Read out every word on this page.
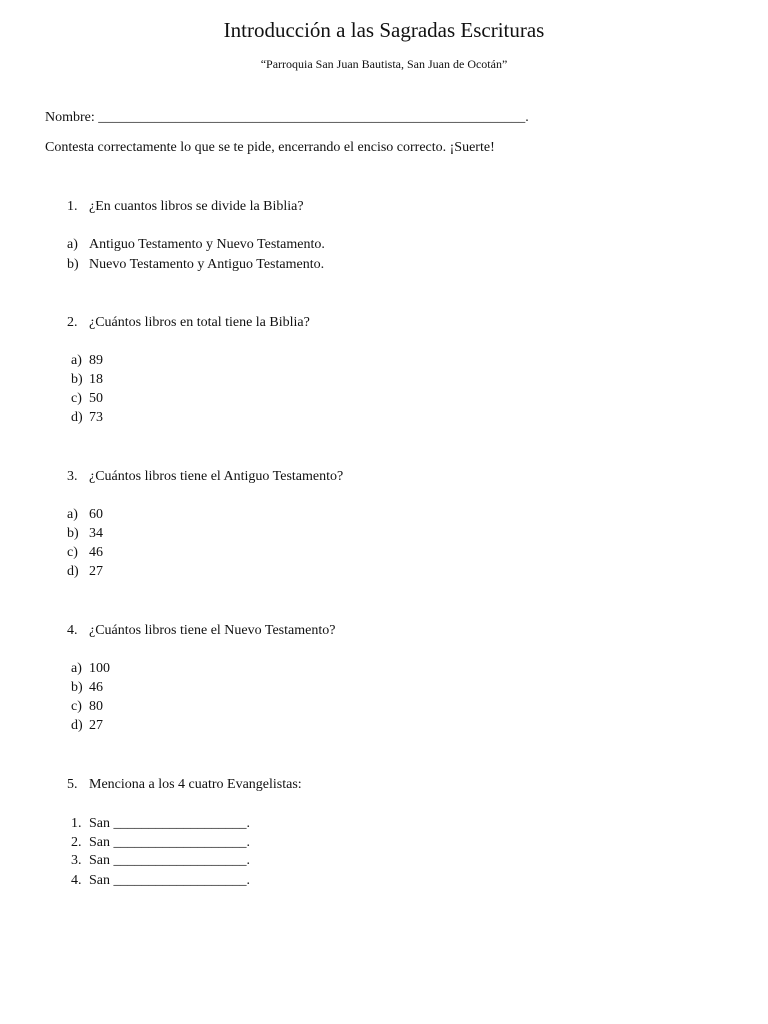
Introducción a las Sagradas Escrituras
“Parroquia San Juan Bautista, San Juan de Ocotán”
Nombre: _____________________________________________________________.
Contesta correctamente lo que se te pide, encerrando el enciso correcto. ¡Suerte!
1. ¿En cuantos libros se divide la Biblia?
a) Antiguo Testamento y Nuevo Testamento.
b) Nuevo Testamento y Antiguo Testamento.
2. ¿Cuántos libros en total tiene la Biblia?
a) 89
b) 18
c) 50
d) 73
3. ¿Cuántos libros tiene el Antiguo Testamento?
a) 60
b) 34
c) 46
d) 27
4. ¿Cuántos libros tiene el Nuevo Testamento?
a) 100
b) 46
c) 80
d) 27
5. Menciona a los 4 cuatro Evangelistas:
1. San ___________________.
2. San ___________________.
3. San ___________________.
4. San ___________________.
